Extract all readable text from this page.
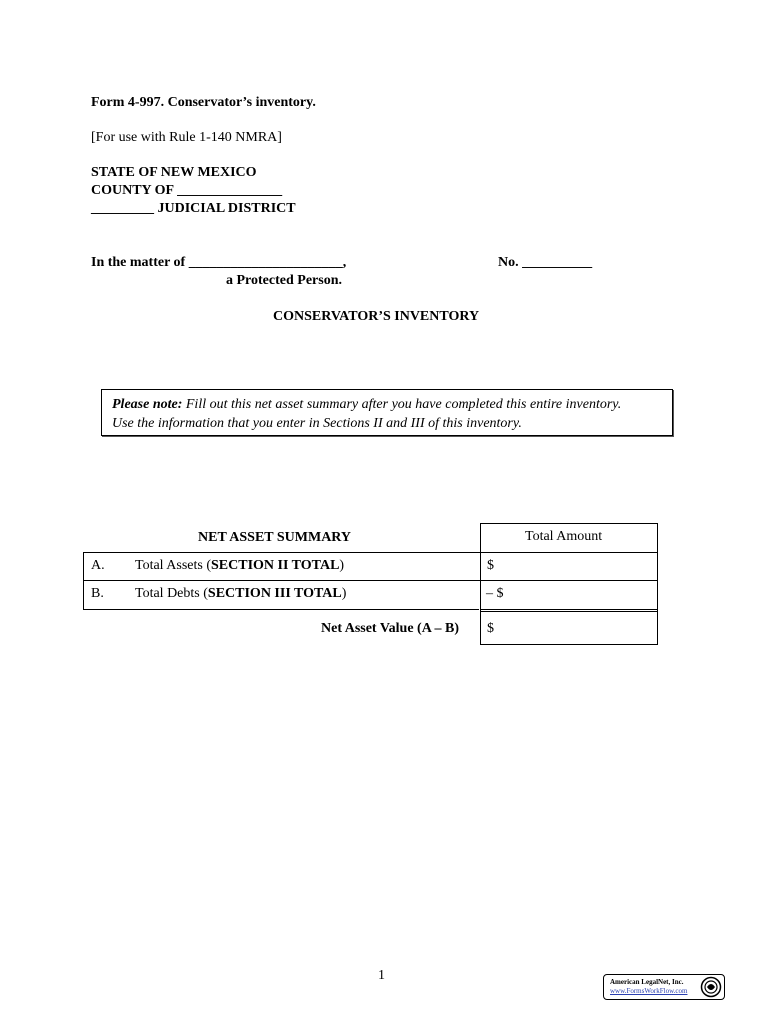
Form 4-997. Conservator’s inventory.
[For use with Rule 1-140 NMRA]
STATE OF NEW MEXICO
COUNTY OF _______________
_________ JUDICIAL DISTRICT
In the matter of ______________________,
a Protected Person.
No. __________
CONSERVATOR’S INVENTORY
Please note: Fill out this net asset summary after you have completed this entire inventory.
Use the information that you enter in Sections II and III of this inventory.
NET ASSET SUMMARY	Total Amount
A. Total Assets (SECTION II TOTAL)	$
B. Total Debts (SECTION III TOTAL)	– $
Net Asset Value (A – B) $
1	American LegalNet, Inc.
www.FormsWorkFlow.com
